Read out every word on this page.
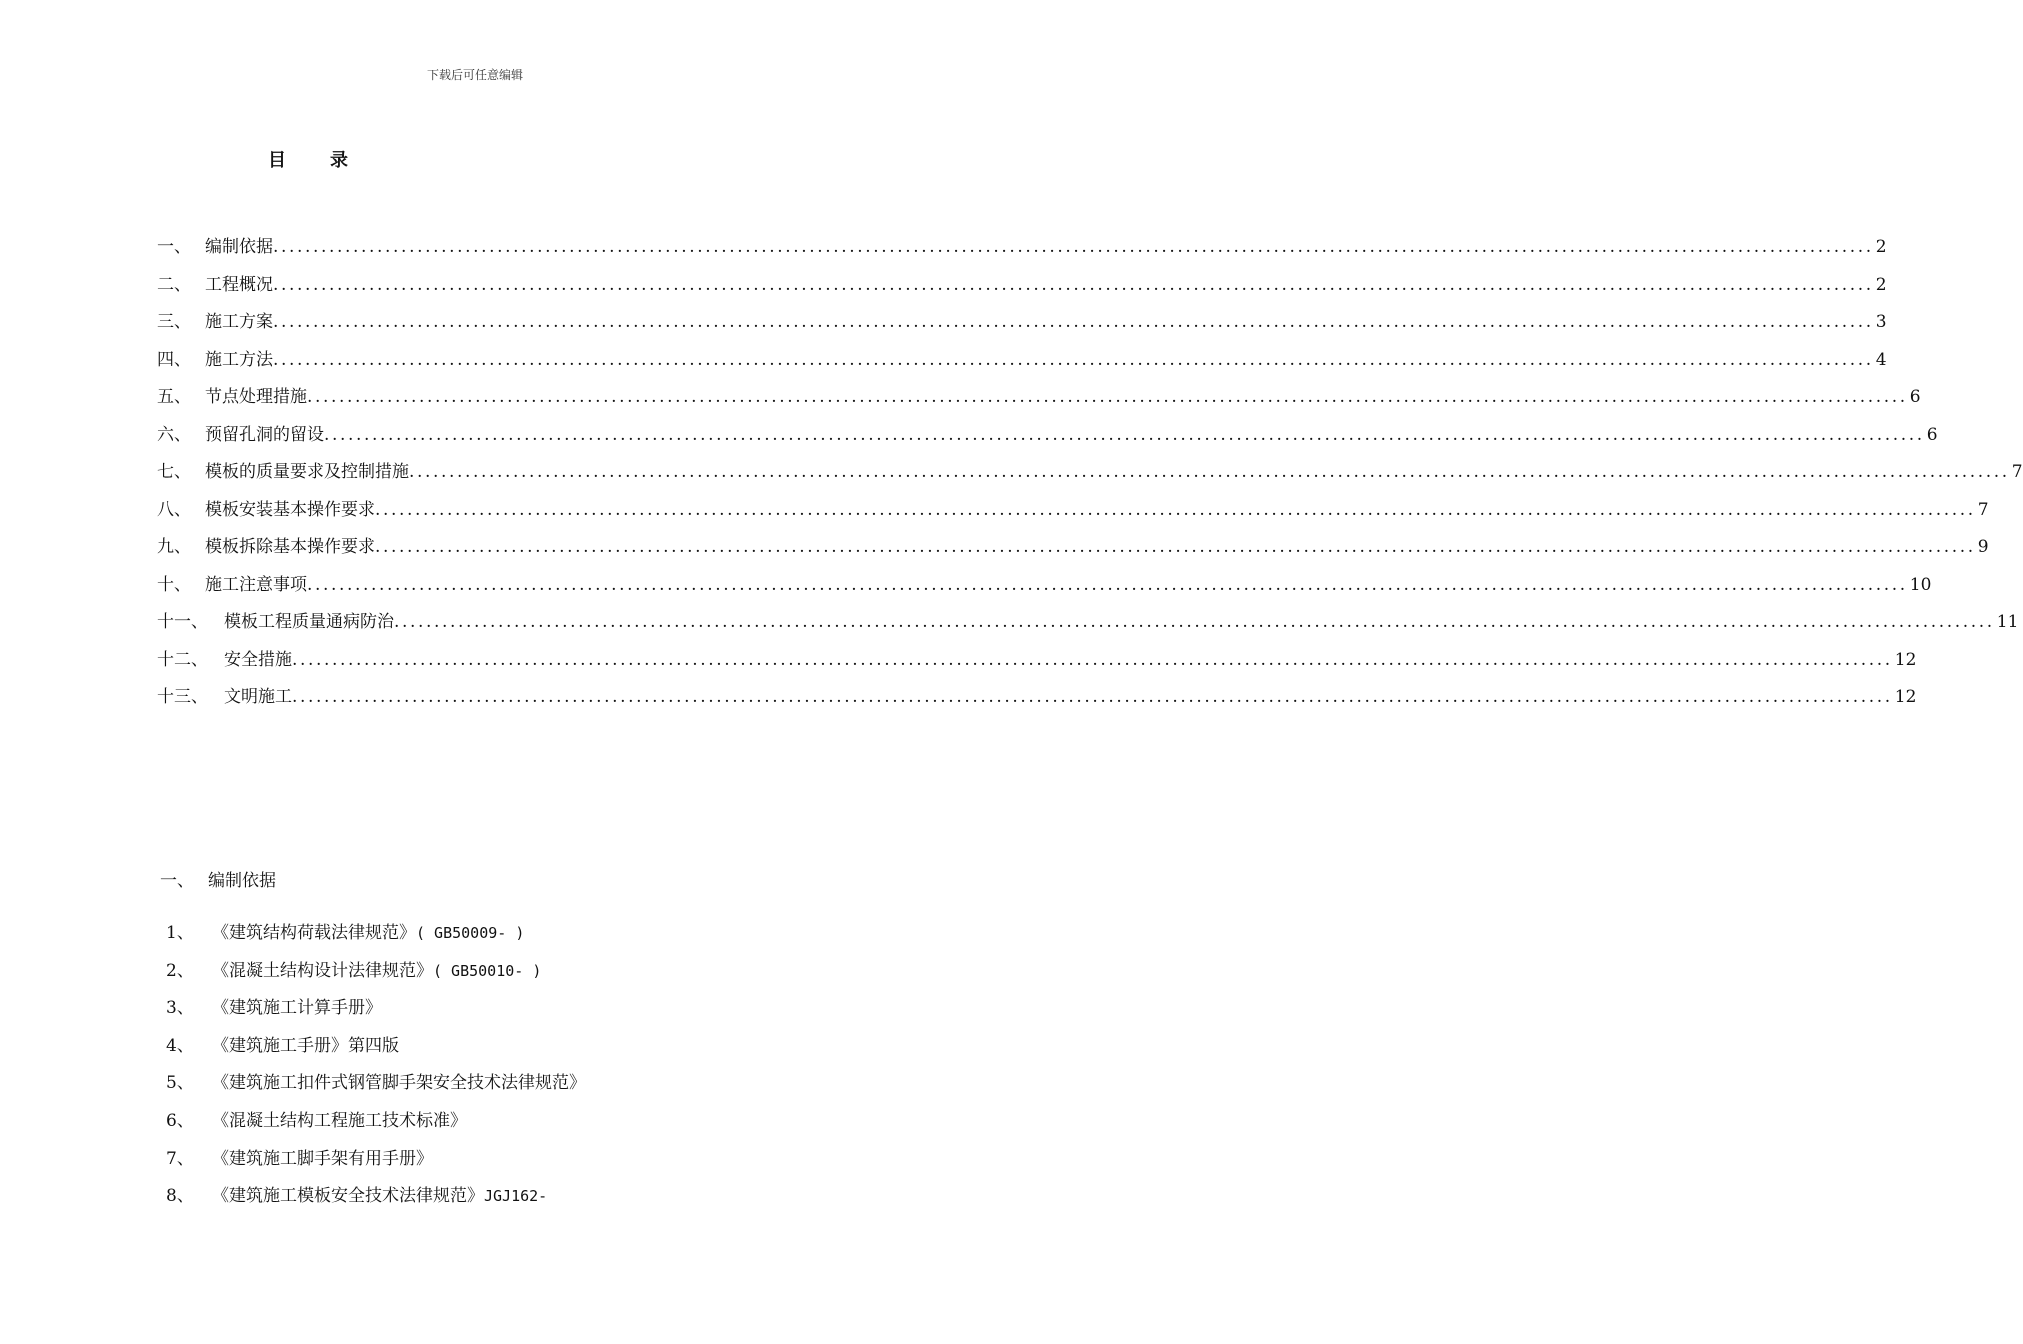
下载后可任意编辑
目 录
一、 编制依据 ........................................................................................................................................................................................................ 2
二、 工程概况 ........................................................................................................................................................................................................ 2
三、 施工方案 ........................................................................................................................................................................................................ 3
四、 施工方法 ........................................................................................................................................................................................................ 4
五、 节点处理措施 ........................................................................................................................................................................................................ 6
六、 预留孔洞的留设 ........................................................................................................................................................................................................ 6
七、 模板的质量要求及控制措施 ........................................................................................................................................................................................................ 7
八、 模板安装基本操作要求 ........................................................................................................................................................................................................ 7
九、 模板拆除基本操作要求 ........................................................................................................................................................................................................ 9
十、 施工注意事项 ........................................................................................................................................................................................................ 10
十一、 模板工程质量通病防治 ........................................................................................................................................................................................................ 11
十二、 安全措施 ........................................................................................................................................................................................................ 12
十三、 文明施工 ........................................................................................................................................................................................................ 12
一、 编制依据
1、	《建筑结构荷载法律规范》 ( GB50009- )
2、	《混凝土结构设计法律规范》 ( GB50010- )
3、	《建筑施工计算手册》
4、	《建筑施工手册》第四版
5、	《建筑施工扣件式钢管脚手架安全技术法律规范》
6、	《混凝土结构工程施工技术标准》
7、	《建筑施工脚手架有用手册》
8、	《建筑施工模板安全技术法律规范》 JGJ162-
